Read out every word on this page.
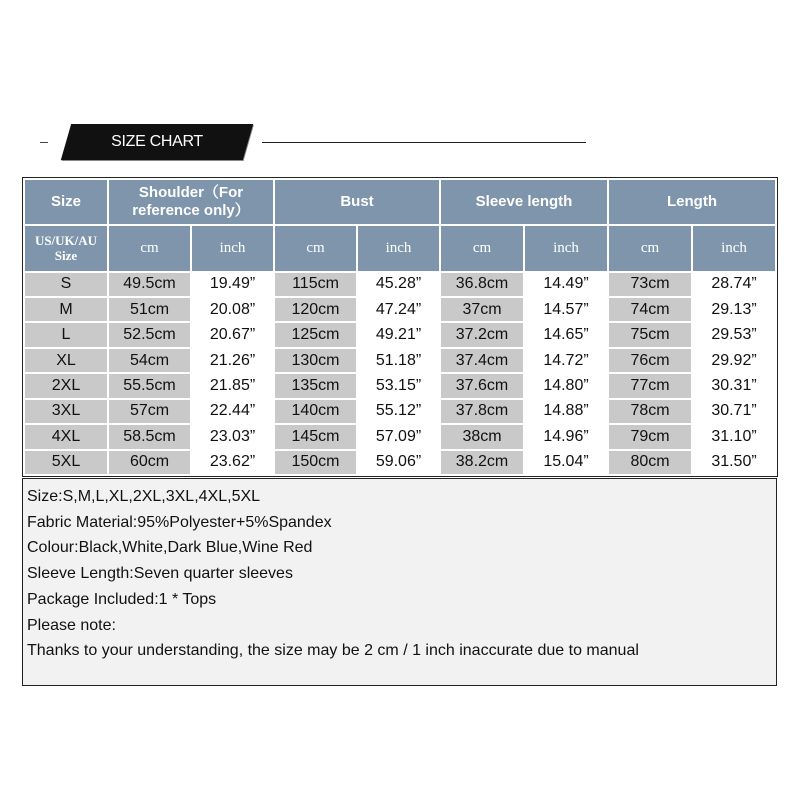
SIZE CHART
Size	Shoulder（For reference only）		Bust		Sleeve length		Length	

US/UK/AU
Size	cm	inch	cm	inch	cm	inch	cm	inch
S	49.5cm	19.49”	115cm	45.28”	36.8cm	14.49”	73cm	28.74”
M	51cm	20.08”	120cm	47.24”	37cm	14.57”	74cm	29.13”
L	52.5cm	20.67”	125cm	49.21”	37.2cm	14.65”	75cm	29.53”
XL	54cm	21.26”	130cm	51.18”	37.4cm	14.72”	76cm	29.92”
2XL	55.5cm	21.85”	135cm	53.15”	37.6cm	14.80”	77cm	30.31”
3XL	57cm	22.44”	140cm	55.12”	37.8cm	14.88”	78cm	30.71”
4XL	58.5cm	23.03”	145cm	57.09”	38cm	14.96”	79cm	31.10”
5XL	60cm	23.62”	150cm	59.06”	38.2cm	15.04”	80cm	31.50”
Size:S,M,L,XL,2XL,3XL,4XL,5XL
Fabric Material:95%Polyester+5%Spandex
Colour:Black,White,Dark Blue,Wine Red
Sleeve Length:Seven quarter sleeves
Package Included:1 * Tops
Please note:
Thanks to your understanding, the size may be 2 cm / 1 inch inaccurate due to manual
